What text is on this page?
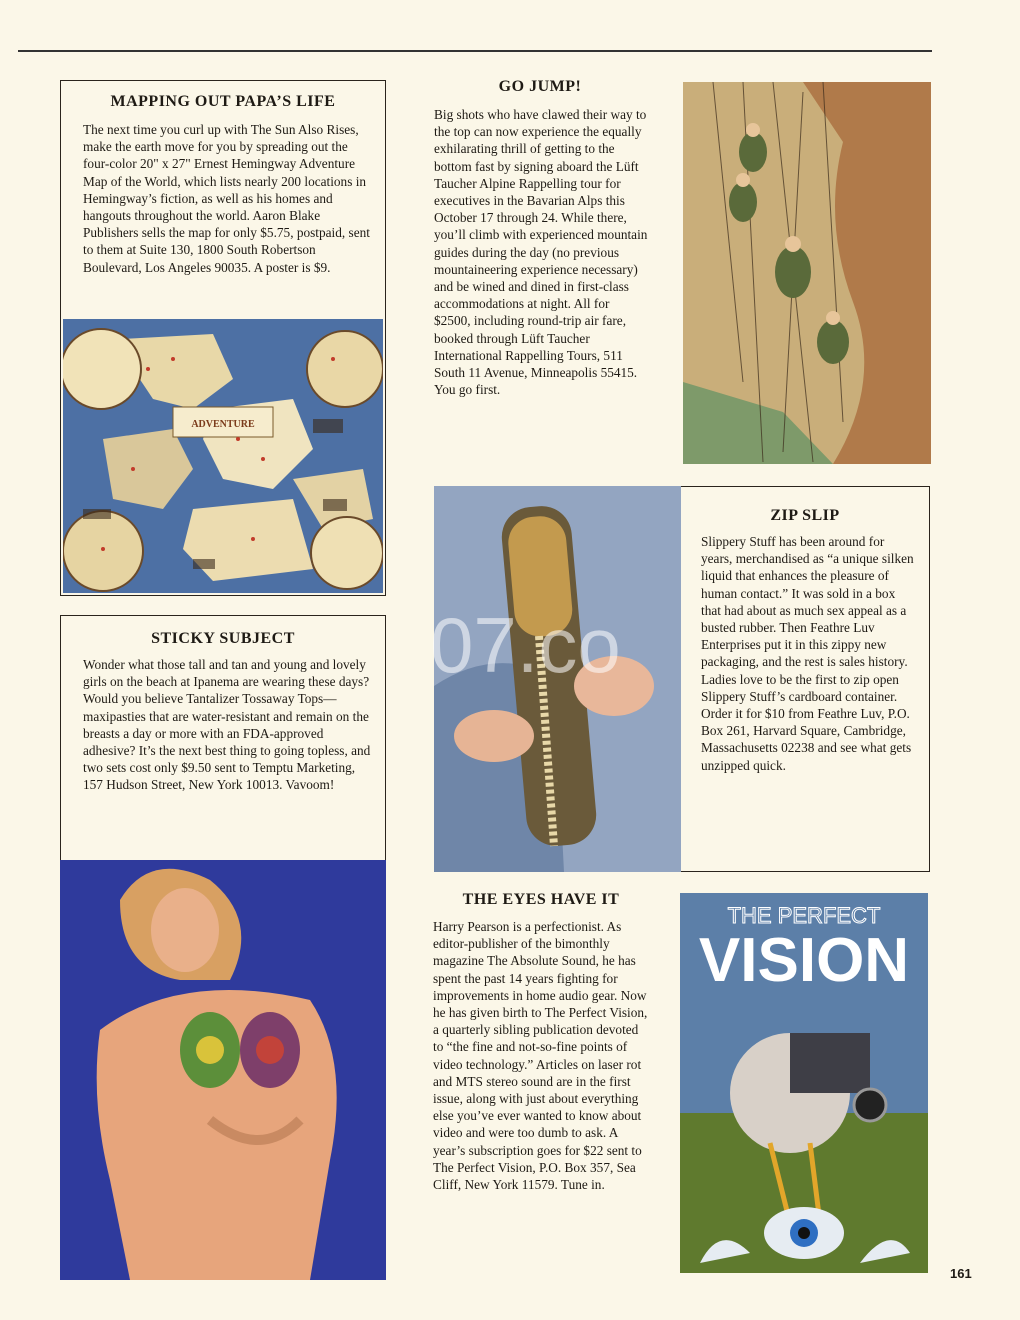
MAPPING OUT PAPA’S LIFE
The next time you curl up with The Sun Also Rises, make the earth move for you by spreading out the four-color 20" x 27" Ernest Hemingway Adventure Map of the World, which lists nearly 200 locations in Hemingway’s fiction, as well as his homes and hangouts throughout the world. Aaron Blake Publishers sells the map for only $5.75, postpaid, sent to them at Suite 130, 1800 South Robertson Boulevard, Los Angeles 90035. A poster is $9.
ADVENTURE
STICKY SUBJECT
Wonder what those tall and tan and young and lovely girls on the beach at Ipanema are wearing these days? Would you believe Tantalizer Tossaway Tops—maxipasties that are water-resistant and remain on the breasts a day or more with an FDA-approved adhesive? It’s the next best thing to going topless, and two sets cost only $9.50 sent to Temptu Marketing, 157 Hudson Street, New York 10013. Vavoom!
GO JUMP!
Big shots who have clawed their way to the top can now experience the equally exhilarating thrill of getting to the bottom fast by signing aboard the Lüft Taucher Alpine Rappelling tour for executives in the Bavarian Alps this October 17 through 24. While there, you’ll climb with experienced mountain guides during the day (no previous mountaineering experience necessary) and be wined and dined in first-class accommodations at night. All for $2500, including round-trip air fare, booked through Lüft Taucher International Rappelling Tours, 511 South 11 Avenue, Minneapolis 55415. You go first.
07.co
ZIP SLIP
Slippery Stuff has been around for years, merchandised as “a unique silken liquid that enhances the pleasure of human contact.” It was sold in a box that had about as much sex appeal as a busted rubber. Then Feathre Luv Enterprises put it in this zippy new packaging, and the rest is sales history. Ladies love to be the first to zip open Slippery Stuff’s cardboard container. Order it for $10 from Feathre Luv, P.O. Box 261, Harvard Square, Cambridge, Massachusetts 02238 and see what gets unzipped quick.
THE EYES HAVE IT
Harry Pearson is a perfectionist. As editor-publisher of the bimonthly magazine The Absolute Sound, he has spent the past 14 years fighting for improvements in home audio gear. Now he has given birth to The Perfect Vision, a quarterly sibling publication devoted to “the fine and not-so-fine points of video technology.” Articles on laser rot and MTS stereo sound are in the first issue, along with just about everything else you’ve ever wanted to know about video and were too dumb to ask. A year’s subscription goes for $22 sent to The Perfect Vision, P.O. Box 357, Sea Cliff, New York 11579. Tune in.
THE PERFECT
VISION
161
